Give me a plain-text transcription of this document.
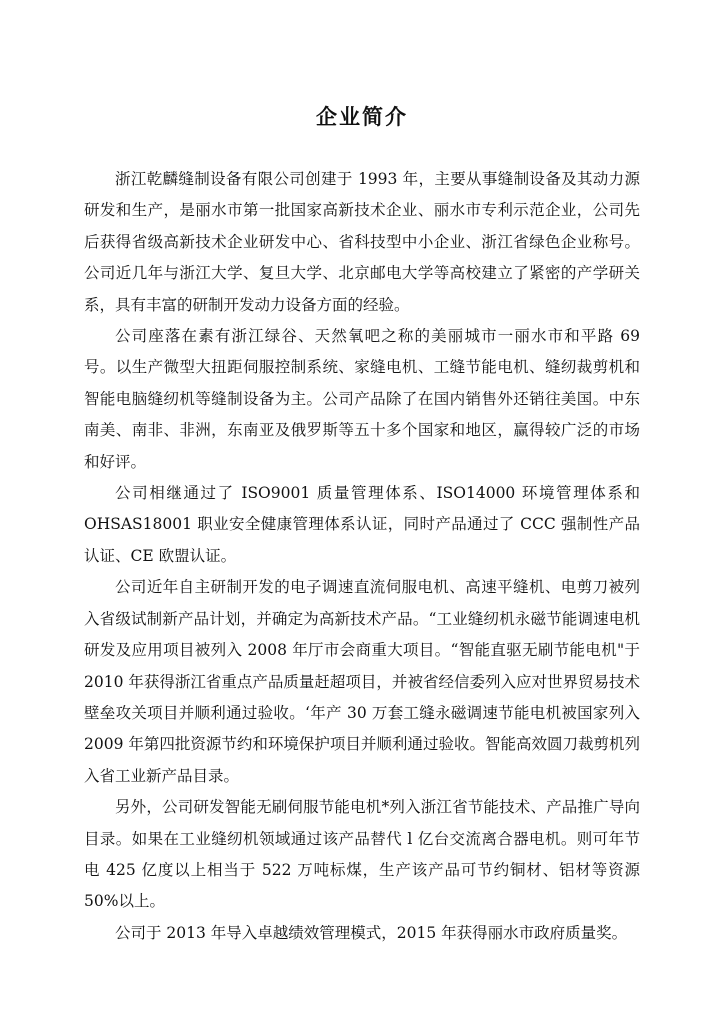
企业简介

浙江乾麟缝制设备有限公司创建于 1993 年，主要从事缝制设备及其动力源研发和生产，是丽水市第一批国家高新技术企业、丽水市专利示范企业，公司先后获得省级高新技术企业研发中心、省科技型中小企业、浙江省绿色企业称号。公司近几年与浙江大学、复旦大学、北京邮电大学等高校建立了紧密的产学研关系，具有丰富的研制开发动力设备方面的经验。

公司座落在素有浙江绿谷、天然氧吧之称的美丽城市一丽水市和平路 69 号。以生产微型大扭距伺服控制系统、家缝电机、工缝节能电机、缝纫裁剪机和智能电脑缝纫机等缝制设备为主。公司产品除了在国内销售外还销往美国。中东南美、南非、非洲，东南亚及俄罗斯等五十多个国家和地区，赢得较广泛的市场和好评。

公司相继通过了 ISO9001 质量管理体系、ISO14000 环境管理体系和 OHSAS18001 职业安全健康管理体系认证，同时产品通过了 CCC 强制性产品认证、CE 欧盟认证。

公司近年自主研制开发的电子调速直流伺服电机、高速平缝机、电剪刀被列入省级试制新产品计划，并确定为高新技术产品。“工业缝纫机永磁节能调速电机研发及应用项目被列入 2008 年厅市会商重大项目。“智能直驱无刷节能电机"于 2010 年获得浙江省重点产品质量赶超项目，并被省经信委列入应对世界贸易技术壁垒攻关项目并顺利通过验收。‘年产 30 万套工缝永磁调速节能电机被国家列入 2009 年第四批资源节约和环境保护项目并顺利通过验收。智能高效圆刀裁剪机列入省工业新产品目录。

另外，公司研发智能无刷伺服节能电机*列入浙江省节能技术、产品推广导向目录。如果在工业缝纫机领域通过该产品替代 l 亿台交流离合器电机。则可年节电 425 亿度以上相当于 522 万吨标煤，生产该产品可节约铜材、铝材等资源 50%以上。

公司于 2013 年导入卓越绩效管理模式，2015 年获得丽水市政府质量奖。
